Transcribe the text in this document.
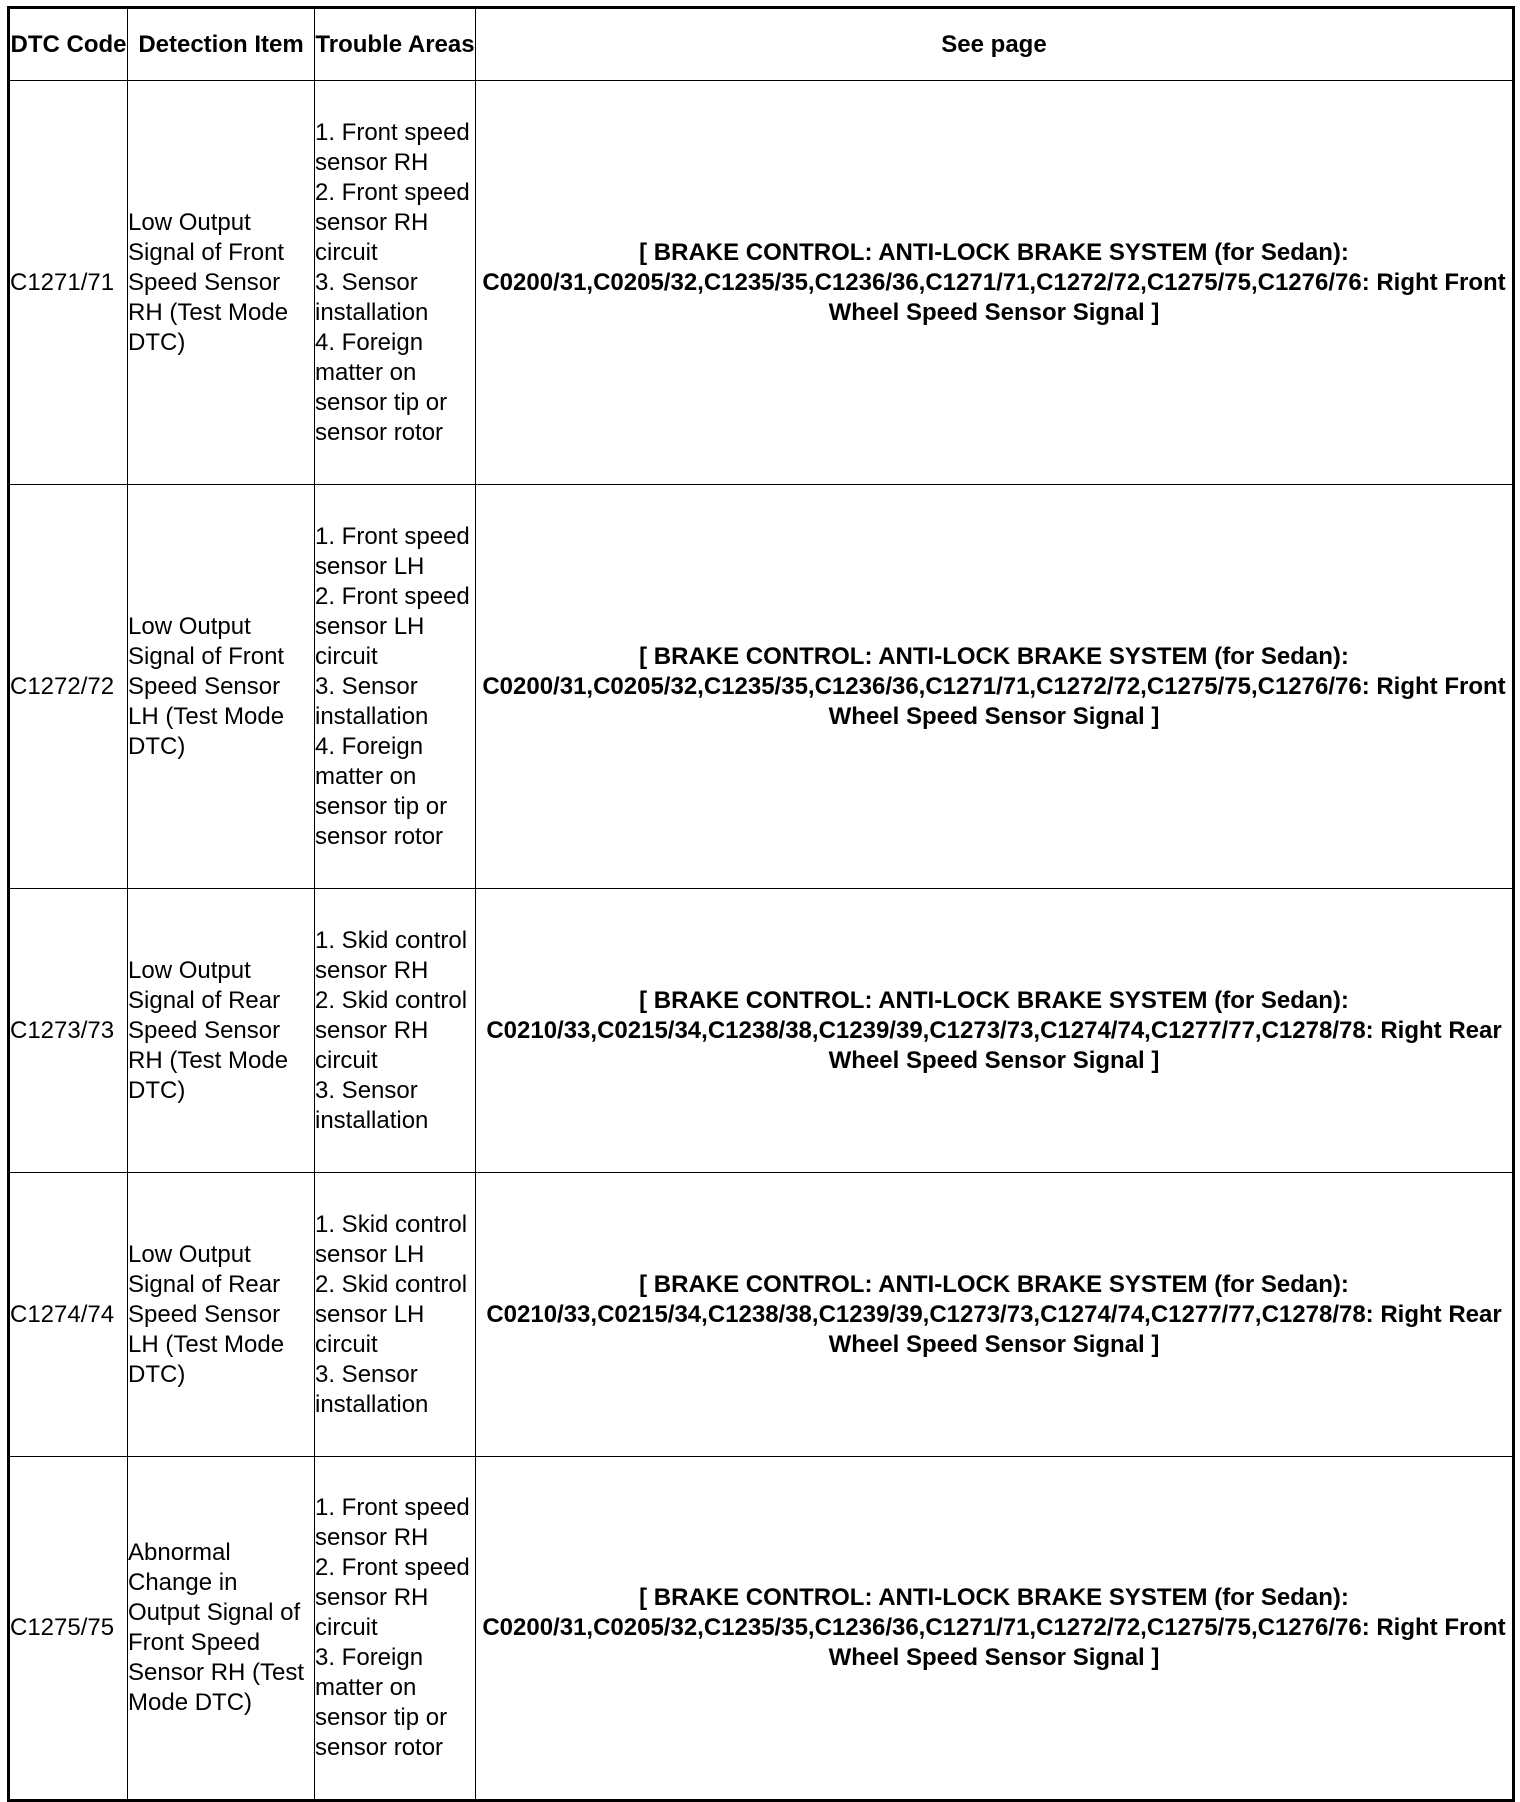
DTC Code	Detection Item	Trouble Areas	See page
C1271/71	Low Output Signal of Front Speed Sensor RH (Test Mode DTC)	1. Front speed sensor RH
2. Front speed sensor RH circuit
3. Sensor installation
4. Foreign matter on sensor tip or sensor rotor	[ BRAKE CONTROL: ANTI-LOCK BRAKE SYSTEM (for Sedan): C0200/31,C0205/32,C1235/35,C1236/36,C1271/71,C1272/72,C1275/75,C1276/76: Right Front Wheel Speed Sensor Signal ]
C1272/72	Low Output Signal of Front Speed Sensor LH (Test Mode DTC)	1. Front speed sensor LH
2. Front speed sensor LH circuit
3. Sensor installation
4. Foreign matter on sensor tip or sensor rotor	[ BRAKE CONTROL: ANTI-LOCK BRAKE SYSTEM (for Sedan): C0200/31,C0205/32,C1235/35,C1236/36,C1271/71,C1272/72,C1275/75,C1276/76: Right Front Wheel Speed Sensor Signal ]
C1273/73	Low Output Signal of Rear Speed Sensor RH (Test Mode DTC)	1. Skid control sensor RH
2. Skid control sensor RH circuit
3. Sensor installation	[ BRAKE CONTROL: ANTI-LOCK BRAKE SYSTEM (for Sedan): C0210/33,C0215/34,C1238/38,C1239/39,C1273/73,C1274/74,C1277/77,C1278/78: Right Rear Wheel Speed Sensor Signal ]
C1274/74	Low Output Signal of Rear Speed Sensor LH (Test Mode DTC)	1. Skid control sensor LH
2. Skid control sensor LH circuit
3. Sensor installation	[ BRAKE CONTROL: ANTI-LOCK BRAKE SYSTEM (for Sedan): C0210/33,C0215/34,C1238/38,C1239/39,C1273/73,C1274/74,C1277/77,C1278/78: Right Rear Wheel Speed Sensor Signal ]
C1275/75	Abnormal Change in Output Signal of Front Speed Sensor RH (Test Mode DTC)	1. Front speed sensor RH
2. Front speed sensor RH circuit
3. Foreign matter on sensor tip or sensor rotor	[ BRAKE CONTROL: ANTI-LOCK BRAKE SYSTEM (for Sedan): C0200/31,C0205/32,C1235/35,C1236/36,C1271/71,C1272/72,C1275/75,C1276/76: Right Front Wheel Speed Sensor Signal ]
